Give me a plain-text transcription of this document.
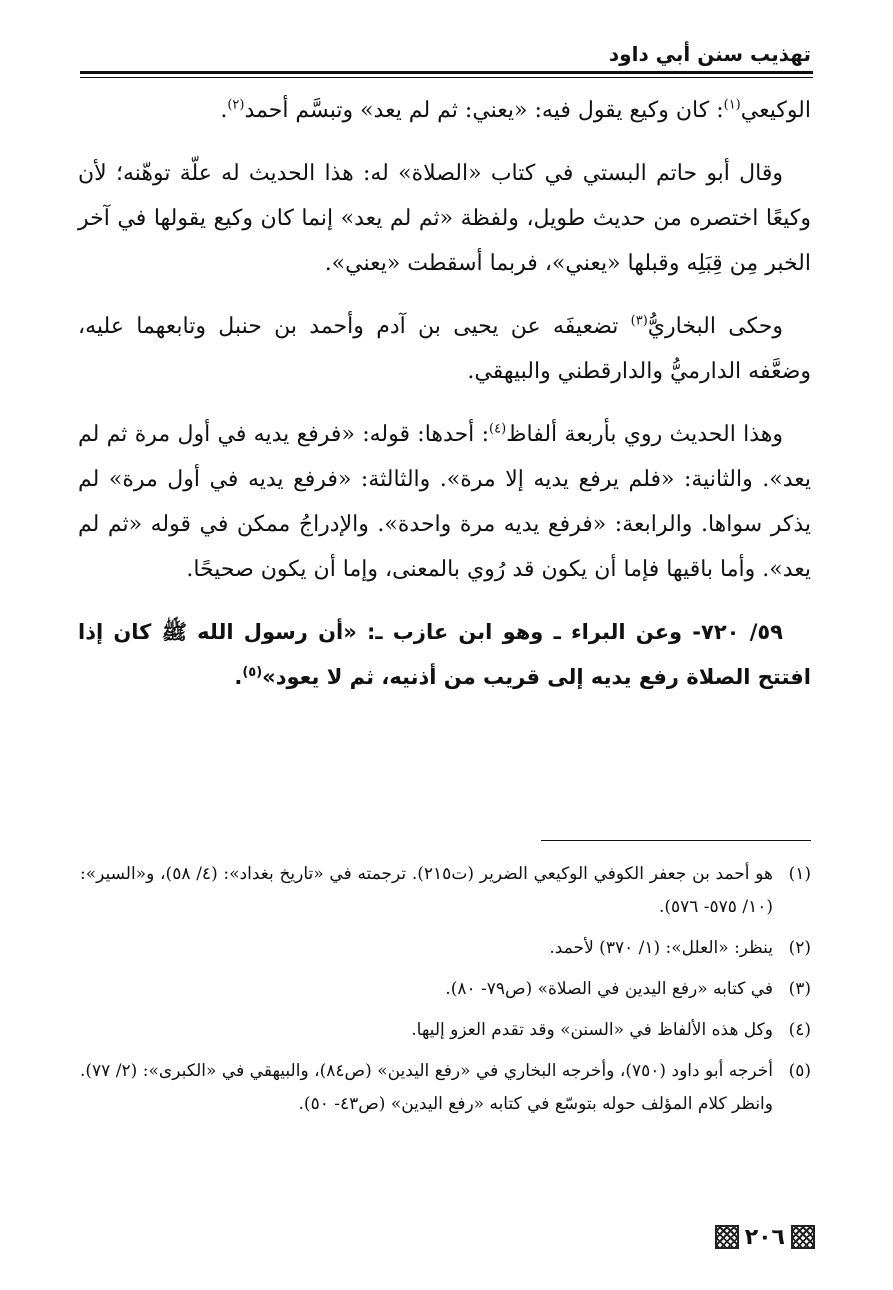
تهذيب سنن أبي داود

الوكيعي$^{(١)}$: كان وكيع يقول فيه: «يعني: ثم لم يعد» وتبسَّم أحمد$^{(٢)}$.

وقال أبو حاتم البستي في كتاب «الصلاة» له: هذا الحديث له علّة توهّنه؛ لأن وكيعًا اختصره من حديث طويل، ولفظة «ثم لم يعد» إنما كان وكيع يقولها في آخر الخبر مِن قِبَلِه وقبلها «يعني»، فربما أسقطت «يعني».

وحكى البخاريُّ$^{(٣)}$ تضعيفَه عن يحيى بن آدم وأحمد بن حنبل وتابعهما عليه، وضعَّفه الدارميُّ والدارقطني والبيهقي.

وهذا الحديث روي بأربعة ألفاظ$^{(٤)}$: أحدها: قوله: «فرفع يديه في أول مرة ثم لم يعد». والثانية: «فلم يرفع يديه إلا مرة». والثالثة: «فرفع يديه في أول مرة» لم يذكر سواها. والرابعة: «فرفع يديه مرة واحدة». والإدراجُ ممكن في قوله «ثم لم يعد». وأما باقيها فإما أن يكون قد رُوي بالمعنى، وإما أن يكون صحيحًا.

٥٩/ ٧٢٠- وعن البراء ـ وهو ابن عازب ـ: «أن رسول الله ﷺ كان إذا افتتح الصلاة رفع يديه إلى قريب من أذنيه، ثم لا يعود»$^{(٥)}$.

(١)
هو أحمد بن جعفر الكوفي الوكيعي الضرير (ت٢١٥). ترجمته في «تاريخ بغداد»: (٤/ ٥٨)، و«السير»: (١٠/ ٥٧٥- ٥٧٦).
(٢)
ينظر: «العلل»: (١/ ٣٧٠) لأحمد.
(٣)
في كتابه «رفع اليدين في الصلاة» (ص٧٩- ٨٠).
(٤)
وكل هذه الألفاظ في «السنن» وقد تقدم العزو إليها.
(٥)
أخرجه أبو داود (٧٥٠)، وأخرجه البخاري في «رفع اليدين» (ص٨٤)، والبيهقي في «الكبرى»: (٢/ ٧٧). وانظر كلام المؤلف حوله بتوسّع في كتابه «رفع اليدين» (ص٤٣- ٥٠).
٢٠٦
